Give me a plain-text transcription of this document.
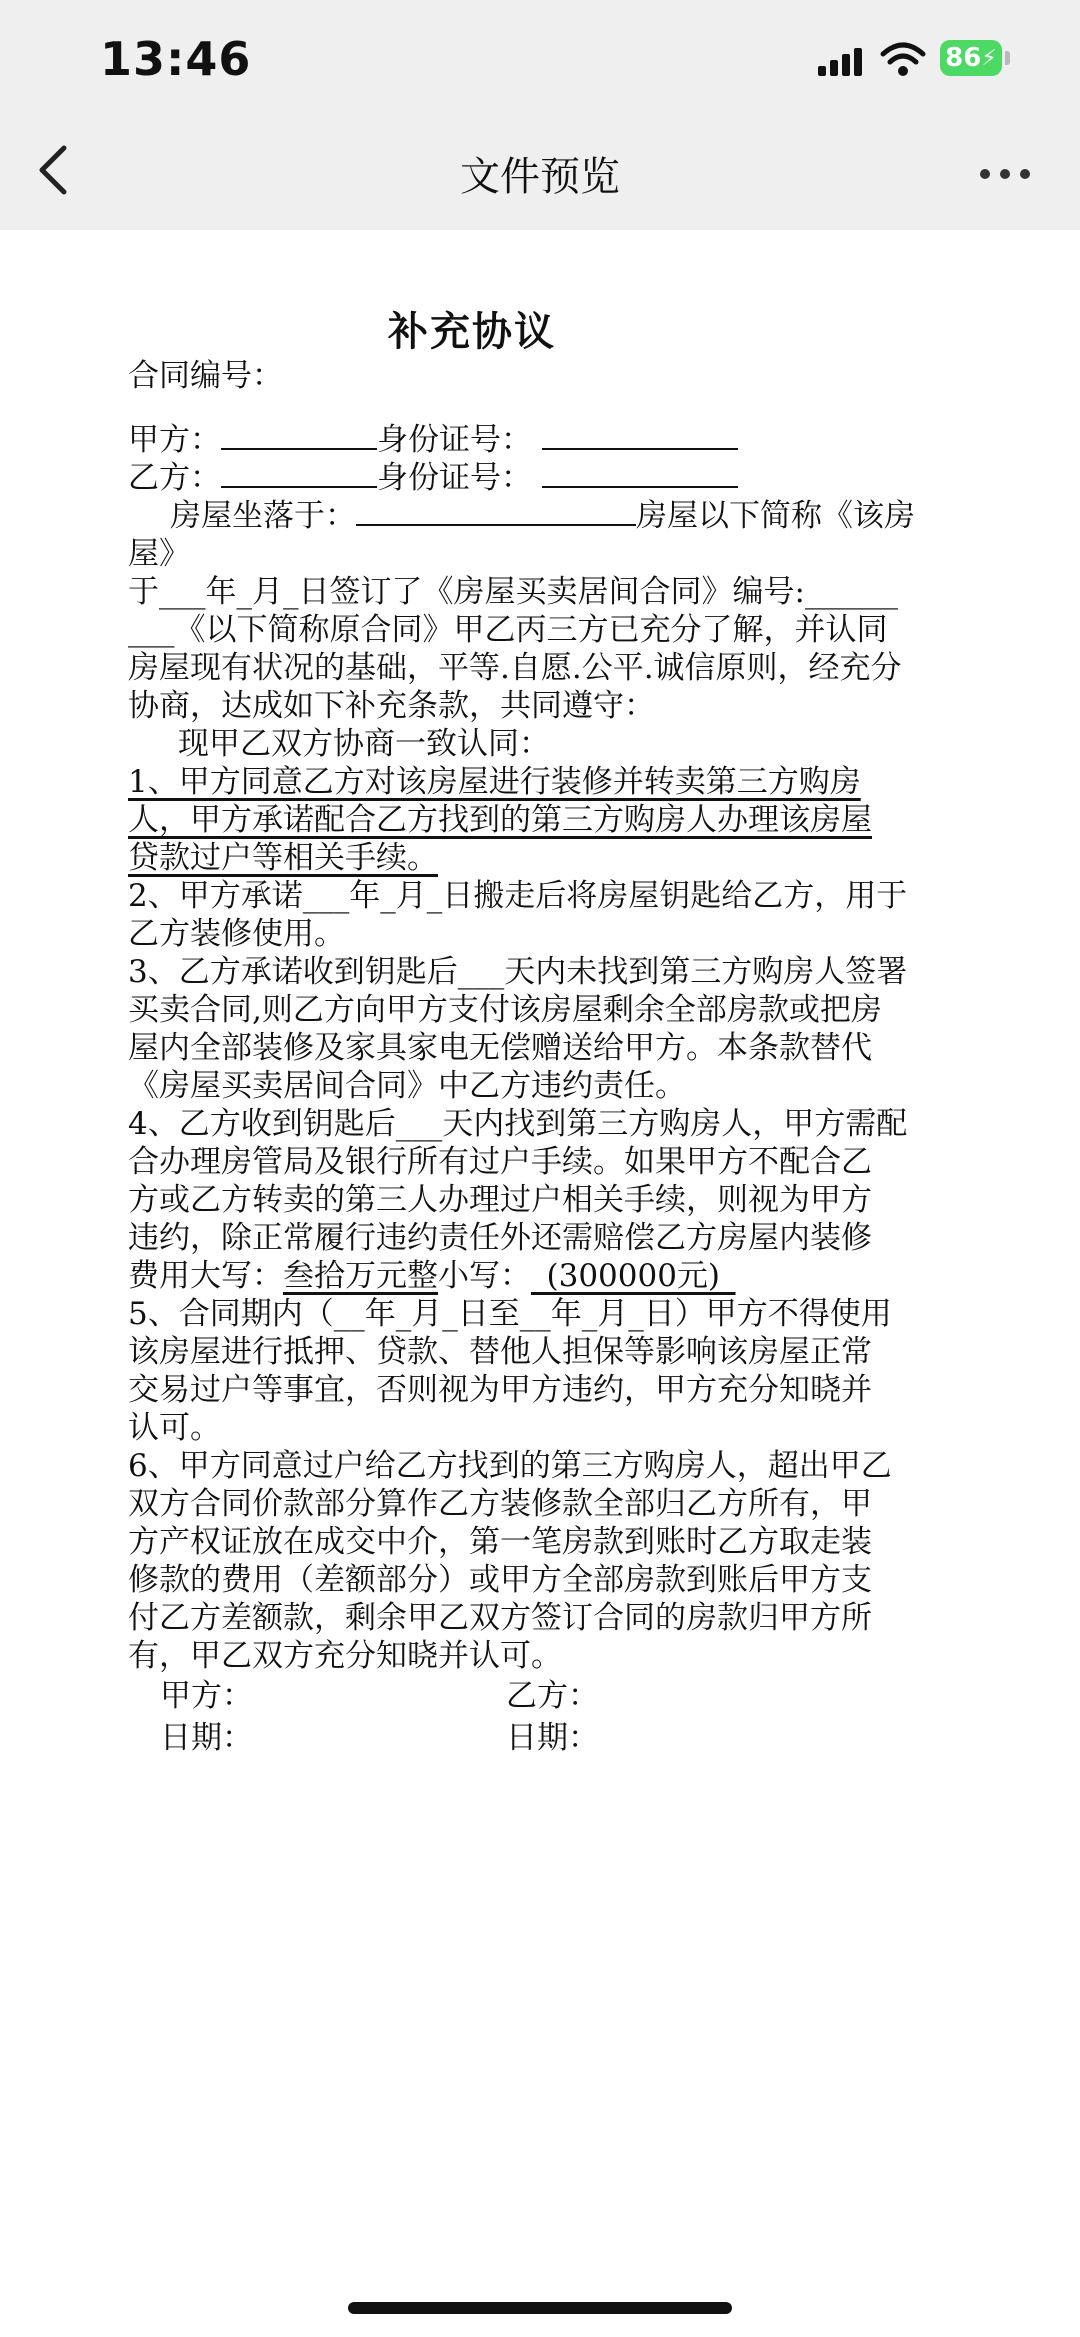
13:46	86 ⚡
文件预览
补充协议
合同编号：
甲方：	身份证号：
乙方：	身份证号：
房屋坐落于：	房屋以下简称《该房
屋》
于___年_月_日签订了《房屋买卖居间合同》编号:______
___《以下简称原合同》甲乙丙三方已充分了解，并认同
房屋现有状况的基础，平等.自愿.公平.诚信原则，经充分
协商，达成如下补充条款，共同遵守：
现甲乙双方协商一致认同：
1、甲方同意乙方对该房屋进行装修并转卖第三方购房
人，甲方承诺配合乙方找到的第三方购房人办理该房屋
贷款过户等相关手续。
2、甲方承诺___年_月_日搬走后将房屋钥匙给乙方，用于
乙方装修使用。
3、乙方承诺收到钥匙后___天内未找到第三方购房人签署
买卖合同,则乙方向甲方支付该房屋剩余全部房款或把房
屋内全部装修及家具家电无偿赠送给甲方。本条款替代
《房屋买卖居间合同》中乙方违约责任。
4、乙方收到钥匙后___天内找到第三方购房人，甲方需配
合办理房管局及银行所有过户手续。如果甲方不配合乙
方或乙方转卖的第三人办理过户相关手续，则视为甲方
违约，除正常履行违约责任外还需赔偿乙方房屋内装修
费用大写：叁拾万元整小写：_(300000元)_
5、合同期内（__年_月_日至__年_月_日）甲方不得使用
该房屋进行抵押、贷款、替他人担保等影响该房屋正常
交易过户等事宜，否则视为甲方违约，甲方充分知晓并
认可。
6、甲方同意过户给乙方找到的第三方购房人，超出甲乙
双方合同价款部分算作乙方装修款全部归乙方所有，甲
方产权证放在成交中介，第一笔房款到账时乙方取走装
修款的费用（差额部分）或甲方全部房款到账后甲方支
付乙方差额款，剩余甲乙双方签订合同的房款归甲方所
有，甲乙双方充分知晓并认可。
甲方：	乙方：
日期：	日期：
